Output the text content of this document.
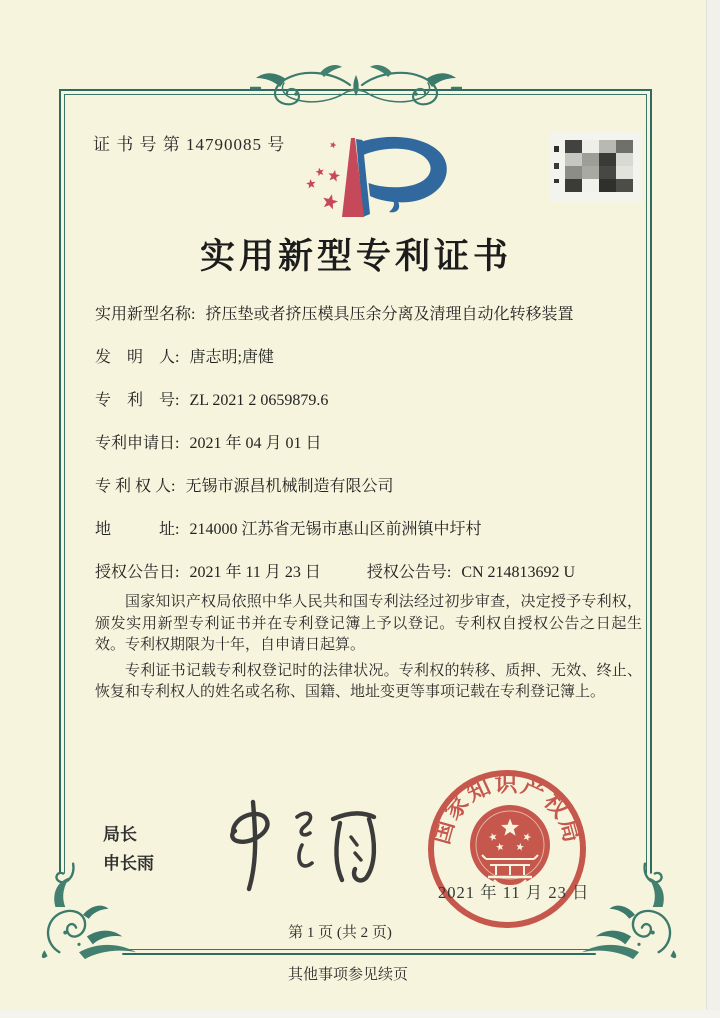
证 书 号 第 14790085 号
实用新型专利证书
实用新型名称: 挤压垫或者挤压模具压余分离及清理自动化转移装置
发　明　人: 唐志明;唐健
专　利　号: ZL 2021 2 0659879.6
专利申请日: 2021 年 04 月 01 日
专 利 权 人: 无锡市源昌机械制造有限公司
地　　　址: 214000 江苏省无锡市惠山区前洲镇中圩村
授权公告日: 2021 年 11 月 23 日	授权公告号: CN 214813692 U

国家知识产权局依照中华人民共和国专利法经过初步审查，决定授予专利权，颁发实用新型专利证书并在专利登记簿上予以登记。专利权自授权公告之日起生效。专利权期限为十年，自申请日起算。

专利证书记载专利权登记时的法律状况。专利权的转移、质押、无效、终止、恢复和专利权人的姓名或名称、国籍、地址变更等事项记载在专利登记簿上。

局长
申长雨
国家知识产权局
2021 年 11 月 23 日
第 1 页 (共 2 页)
其他事项参见续页
